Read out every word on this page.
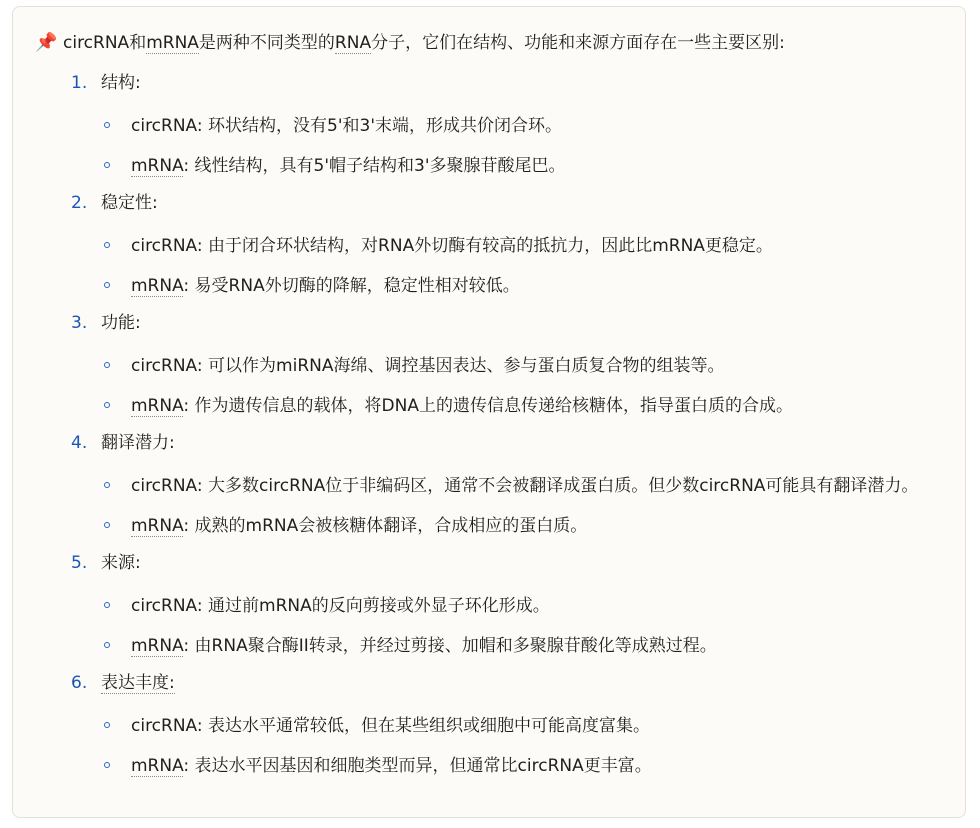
📌 circRNA和mRNA是两种不同类型的RNA分子，它们在结构、功能和来源方面存在一些主要区别:
1. 结构:
circRNA: 环状结构，没有5'和3'末端，形成共价闭合环。
mRNA: 线性结构，具有5'帽子结构和3'多聚腺苷酸尾巴。
2. 稳定性:
circRNA: 由于闭合环状结构，对RNA外切酶有较高的抵抗力，因此比mRNA更稳定。
mRNA: 易受RNA外切酶的降解，稳定性相对较低。
3. 功能:
circRNA: 可以作为miRNA海绵、调控基因表达、参与蛋白质复合物的组装等。
mRNA: 作为遗传信息的载体，将DNA上的遗传信息传递给核糖体，指导蛋白质的合成。
4. 翻译潜力:
circRNA: 大多数circRNA位于非编码区，通常不会被翻译成蛋白质。但少数circRNA可能具有翻译潜力。
mRNA: 成熟的mRNA会被核糖体翻译，合成相应的蛋白质。
5. 来源:
circRNA: 通过前mRNA的反向剪接或外显子环化形成。
mRNA: 由RNA聚合酶II转录，并经过剪接、加帽和多聚腺苷酸化等成熟过程。
6. 表达丰度:
circRNA: 表达水平通常较低，但在某些组织或细胞中可能高度富集。
mRNA: 表达水平因基因和细胞类型而异，但通常比circRNA更丰富。
